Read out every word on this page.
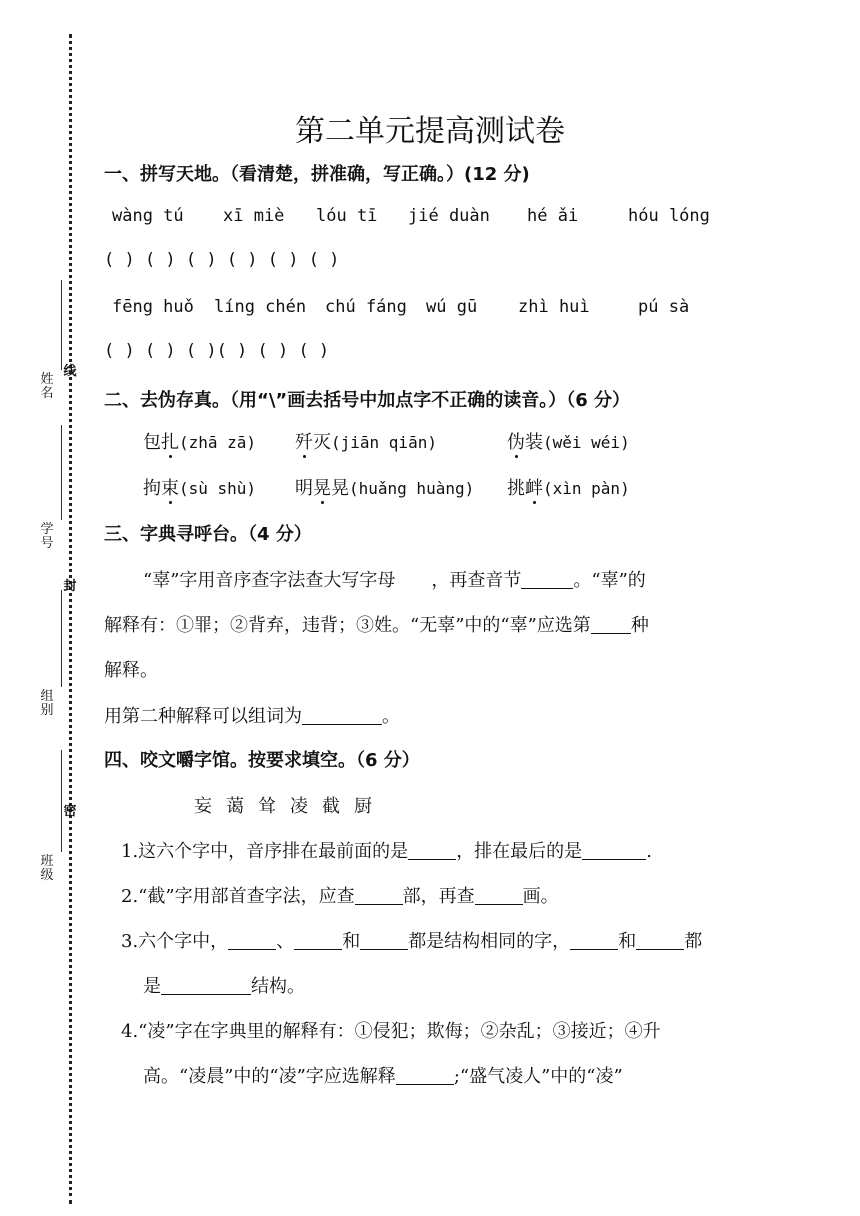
姓名
学号
组别
班级
线
封
密
第二单元提高测试卷
一、拼写天地。（看清楚，拼准确，写正确。）(12 分)
wàng tú xī miè lóu tī jié duàn hé ǎi	hóu lóng
( ) ( ) ( ) ( ) ( ) ( )
fēng huǒ líng chén chú fáng wú gū zhì huì	pú sà
( ) ( ) ( )( ) ( ) ( )
二、去伪存真。（用“\”画去括号中加点字不正确的读音。）（6 分）
包扎(zhā zā) 歼灭(jiān qiān)	伪装(wěi wéi)
拘束(sù shù) 明晃晃(huǎng huàng) 挑衅(xìn pàn)
三、字典寻呼台。（4 分）
“辜”字用音序查字法查大写字母 ，再查音节	。“辜”的
解释有：①罪；②背弃，违背；③姓。“无辜”中的“辜”应选第 种
解释。
用第二种解释可以组词为	。
四、咬文嚼字馆。按要求填空。（6 分）
妄 蔼 耸 凌 截 厨
1.这六个字中，音序排在最前面的是	，排在最后的是	.
2.“截”字用部首查字法，应查	部，再查	画。
3.六个字中，	、	和	都是结构相同的字，	和	都
是	结构。
4.“凌”字在字典里的解释有：①侵犯；欺侮；②杂乱；③接近；④升
高。“凌晨”中的“凌”字应选解释	;“盛气凌人”中的“凌”
